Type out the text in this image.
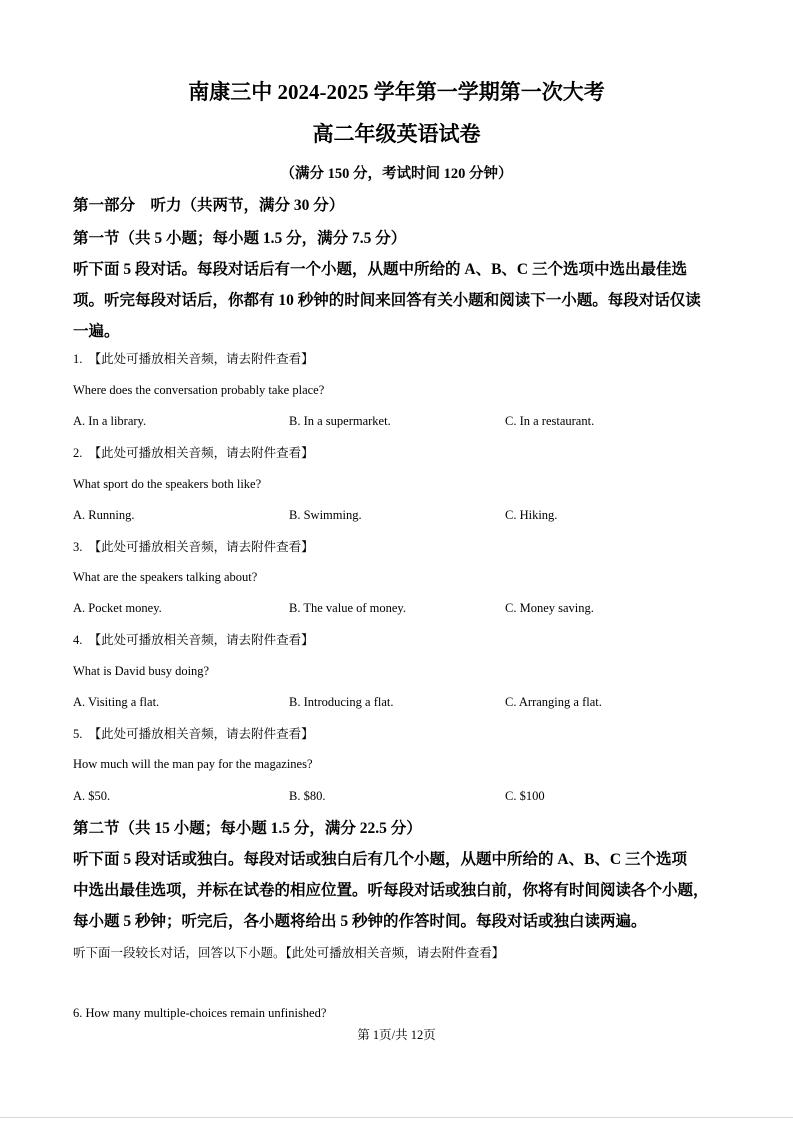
南康三中 2024-2025 学年第一学期第一次大考
高二年级英语试卷
（满分 150 分，考试时间 120 分钟）
第一部分　听力（共两节，满分 30 分）
第一节（共 5 小题；每小题 1.5 分，满分 7.5 分）
听下面 5 段对话。每段对话后有一个小题，从题中所给的 A、B、C 三个选项中选出最佳选
项。听完每段对话后，你都有 10 秒钟的时间来回答有关小题和阅读下一小题。每段对话仅读
一遍。
1.　【此处可播放相关音频，请去附件查看】
Where does the conversation probably take place?
A. In a library.	B. In a supermarket.	C. In a restaurant.
2.　【此处可播放相关音频，请去附件查看】
What sport do the speakers both like?
A. Running.	B. Swimming.	C. Hiking.
3.　【此处可播放相关音频，请去附件查看】
What are the speakers talking about?
A. Pocket money.	B. The value of money.	C. Money saving.
4.　【此处可播放相关音频，请去附件查看】
What is David busy doing?
A. Visiting a flat.	B. Introducing a flat.	C. Arranging a flat.
5.　【此处可播放相关音频，请去附件查看】
How much will the man pay for the magazines?
A. $50.	B. $80.	C. $100
第二节（共 15 小题；每小题 1.5 分，满分 22.5 分）
听下面 5 段对话或独白。每段对话或独白后有几个小题，从题中所给的 A、B、C 三个选项
中选出最佳选项，并标在试卷的相应位置。听每段对话或独白前，你将有时间阅读各个小题，
每小题 5 秒钟；听完后，各小题将给出 5 秒钟的作答时间。每段对话或独白读两遍。
听下面一段较长对话，回答以下小题。【此处可播放相关音频，请去附件查看】
6. How many multiple-choices remain unfinished?
第 1页/共 12页
